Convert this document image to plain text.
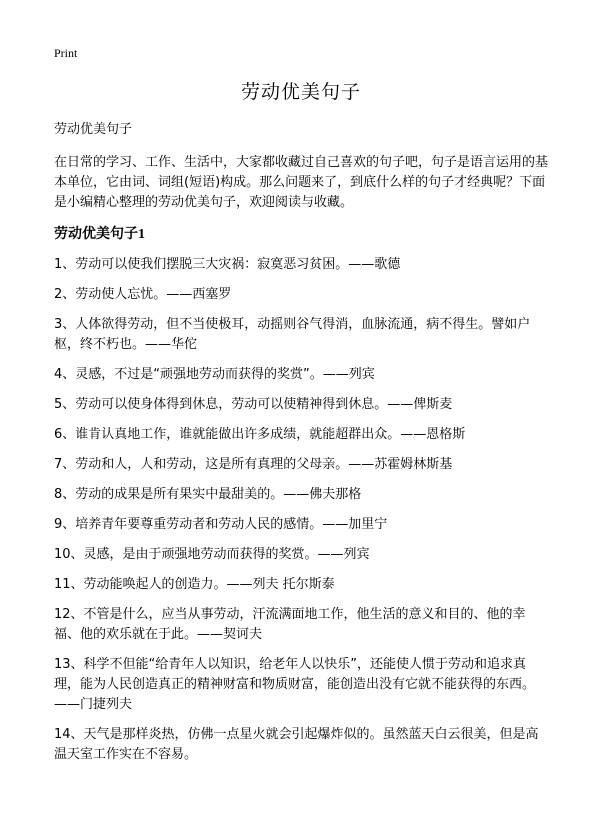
Print
劳动优美句子
劳动优美句子

在日常的学习、工作、生活中，大家都收藏过自己喜欢的句子吧，句子是语言运用的基本单位，它由词、词组(短语)构成。那么问题来了，到底什么样的句子才经典呢？下面是小编精心整理的劳动优美句子，欢迎阅读与收藏。

劳动优美句子1
1、劳动可以使我们摆脱三大灾祸：寂寞恶习贫困。——歌德
2、劳动使人忘忧。——西塞罗
3、人体欲得劳动，但不当使极耳，动摇则谷气得消，血脉流通，病不得生。譬如户枢，终不朽也。——华佗
4、灵感，不过是“顽强地劳动而获得的奖赏”。——列宾
5、劳动可以使身体得到休息，劳动可以使精神得到休息。——俾斯麦
6、谁肯认真地工作，谁就能做出许多成绩，就能超群出众。——恩格斯
7、劳动和人，人和劳动，这是所有真理的父母亲。——苏霍姆林斯基
8、劳动的成果是所有果实中最甜美的。——佛夫那格
9、培养青年要尊重劳动者和劳动人民的感情。——加里宁
10、灵感，是由于顽强地劳动而获得的奖赏。——列宾
11、劳动能唤起人的创造力。——列夫 托尔斯泰
12、不管是什么，应当从事劳动，汗流满面地工作，他生活的意义和目的、他的幸福、他的欢乐就在于此。——契诃夫
13、科学不但能“给青年人以知识，给老年人以快乐”，还能使人惯于劳动和追求真理，能为人民创造真正的精神财富和物质财富，能创造出没有它就不能获得的东西。——门捷列夫
14、天气是那样炎热，仿佛一点星火就会引起爆炸似的。虽然蓝天白云很美，但是高温天室工作实在不容易。
